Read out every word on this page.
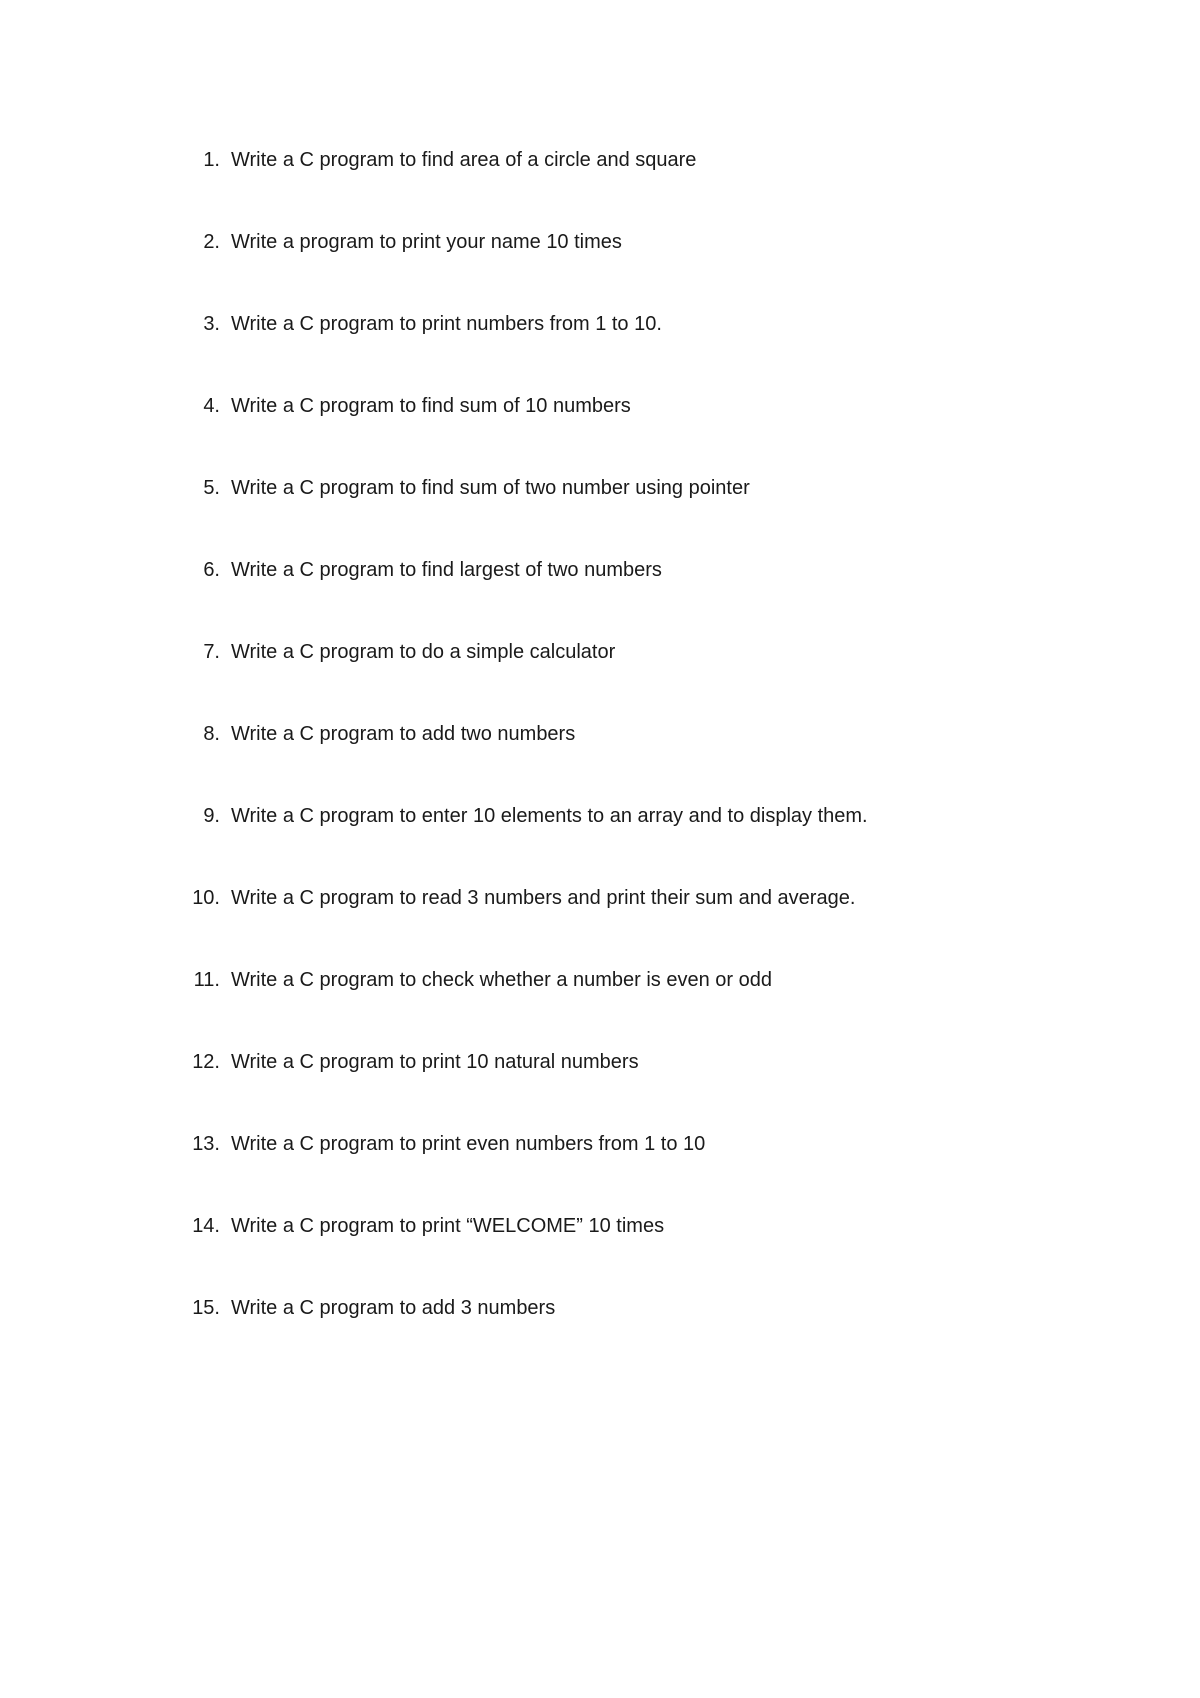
1. Write a C program to find area of a circle and square
2. Write a program to print your name 10 times
3. Write a C program to print numbers from 1 to 10.
4. Write a C program to find sum of 10 numbers
5. Write a C program to find sum of two number using pointer
6. Write a C program to find largest of two numbers
7. Write a C program to do a simple calculator
8. Write a C program to add two numbers
9. Write a C program to enter 10 elements to an array and to display them.
10. Write a C program to read 3 numbers and print their sum and average.
11. Write a C program to check whether a number is even or odd
12. Write a C program to print 10 natural numbers
13. Write a C program to print even numbers from 1 to 10
14. Write a C program to print “WELCOME” 10 times
15. Write a C program to add 3 numbers
